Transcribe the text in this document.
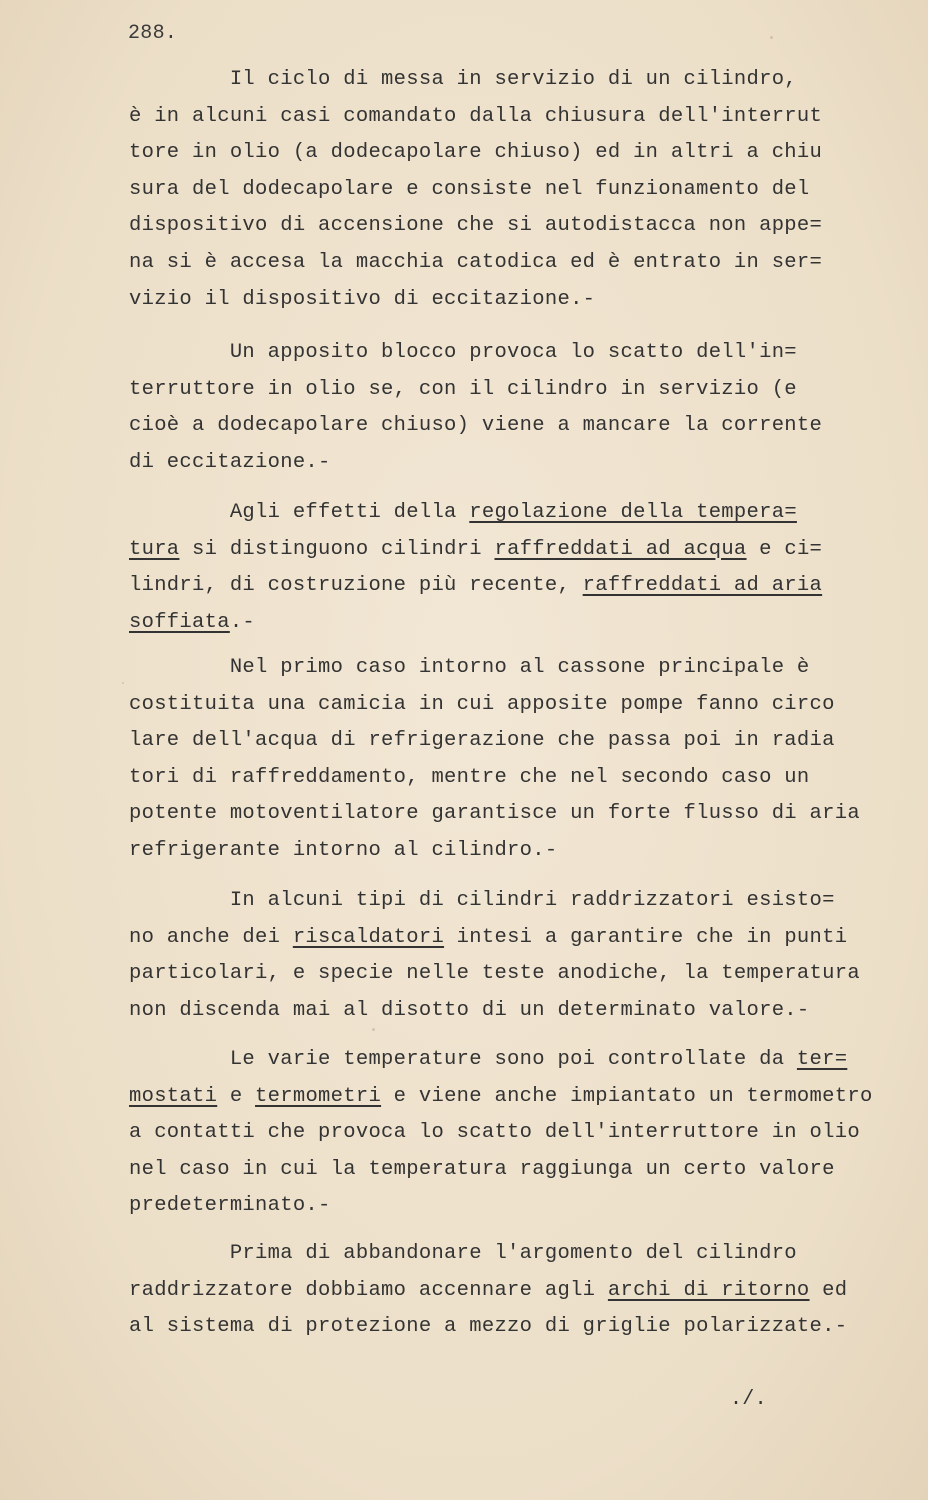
288.
Il ciclo di messa in servizio di un cilindro,
è in alcuni casi comandato dalla chiusura dell'interrut
tore in olio (a dodecapolare chiuso) ed in altri a chiu
sura del dodecapolare e consiste nel funzionamento del
dispositivo di accensione che si autodistacca non appe=
na si è accesa la macchia catodica ed è entrato in ser=
vizio il dispositivo di eccitazione.-
Un apposito blocco provoca lo scatto dell'in=
terruttore in olio se, con il cilindro in servizio (e
cioè a dodecapolare chiuso) viene a mancare la corrente
di eccitazione.-
Agli effetti della regolazione della tempera=
tura si distinguono cilindri raffreddati ad acqua e ci=
lindri, di costruzione più recente, raffreddati ad aria
soffiata.-
Nel primo caso intorno al cassone principale è
costituita una camicia in cui apposite pompe fanno circo
lare dell'acqua di refrigerazione che passa poi in radia
tori di raffreddamento, mentre che nel secondo caso un
potente motoventilatore garantisce un forte flusso di aria
refrigerante intorno al cilindro.-
In alcuni tipi di cilindri raddrizzatori esisto=
no anche dei riscaldatori intesi a garantire che in punti
particolari, e specie nelle teste anodiche, la temperatura
non discenda mai al disotto di un determinato valore.-
Le varie temperature sono poi controllate da ter=
mostati e termometri e viene anche impiantato un termometro
a contatti che provoca lo scatto dell'interruttore in olio
nel caso in cui la temperatura raggiunga un certo valore
predeterminato.-
Prima di abbandonare l'argomento del cilindro
raddrizzatore dobbiamo accennare agli archi di ritorno ed
al sistema di protezione a mezzo di griglie polarizzate.-
./.
